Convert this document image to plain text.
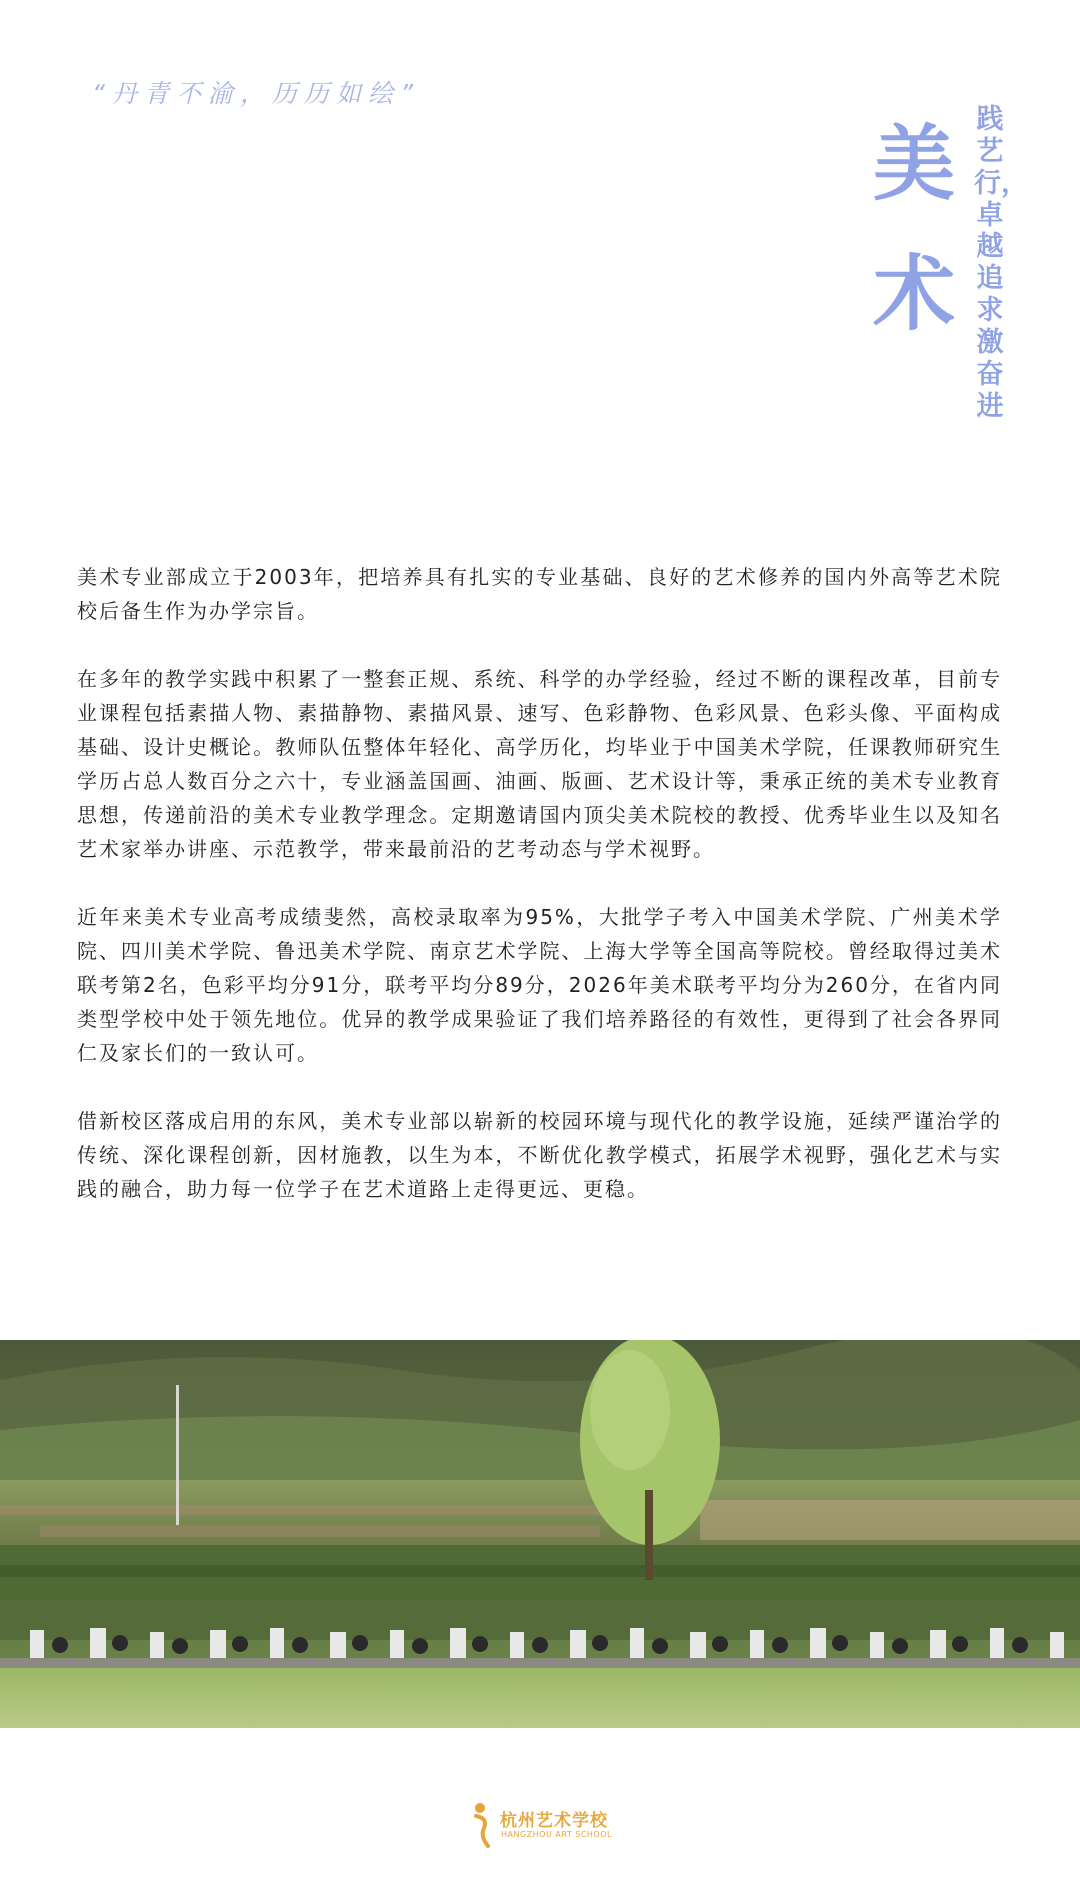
“丹青不渝，历历如绘”
美术
践艺行，卓越追求激奋进

美术专业部成立于2003年，把培养具有扎实的专业基础、良好的艺术修养的国内外高等艺术院校后备生作为办学宗旨。

在多年的教学实践中积累了一整套正规、系统、科学的办学经验，经过不断的课程改革，目前专业课程包括素描人物、素描静物、素描风景、速写、色彩静物、色彩风景、色彩头像、平面构成基础、设计史概论。教师队伍整体年轻化、高学历化，均毕业于中国美术学院，任课教师研究生学历占总人数百分之六十，专业涵盖国画、油画、版画、艺术设计等，秉承正统的美术专业教育思想，传递前沿的美术专业教学理念。定期邀请国内顶尖美术院校的教授、优秀毕业生以及知名艺术家举办讲座、示范教学，带来最前沿的艺考动态与学术视野。

近年来美术专业高考成绩斐然，高校录取率为95%，大批学子考入中国美术学院、广州美术学院、四川美术学院、鲁迅美术学院、南京艺术学院、上海大学等全国高等院校。曾经取得过美术联考第2名，色彩平均分91分，联考平均分89分，2026年美术联考平均分为260分，在省内同类型学校中处于领先地位。优异的教学成果验证了我们培养路径的有效性，更得到了社会各界同仁及家长们的一致认可。

借新校区落成启用的东风，美术专业部以崭新的校园环境与现代化的教学设施，延续严谨治学的传统、深化课程创新，因材施教，以生为本，不断优化教学模式，拓展学术视野，强化艺术与实践的融合，助力每一位学子在艺术道路上走得更远、更稳。

杭州艺术学校
HANGZHOU ART SCHOOL
